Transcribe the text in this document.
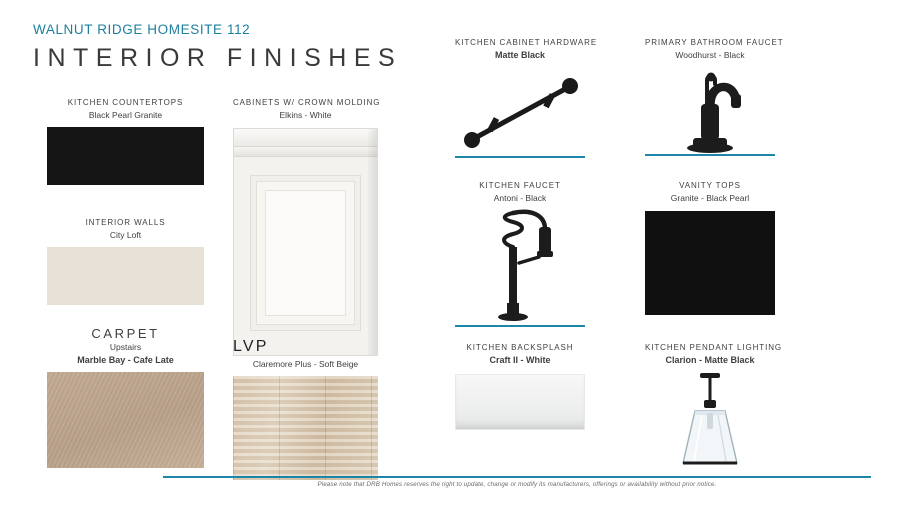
WALNUT RIDGE HOMESITE 112
INTERIOR FINISHES
KITCHEN COUNTERTOPS
Black Pearl Granite
INTERIOR WALLS
City Loft
CARPET
Upstairs
Marble Bay - Cafe Late
CABINETS W/ CROWN MOLDING
Elkins - White
LVP
Claremore Plus - Soft Beige
KITCHEN CABINET HARDWARE
Matte Black
KITCHEN FAUCET
Antoni - Black
KITCHEN BACKSPLASH
Craft II - White
PRIMARY BATHROOM FAUCET
Woodhurst - Black
VANITY TOPS
Granite - Black Pearl
KITCHEN PENDANT LIGHTING
Clarion - Matte Black
Please note that DRB Homes reserves the right to update, change or modify its manufacturers, offerings or availability without prior notice.
